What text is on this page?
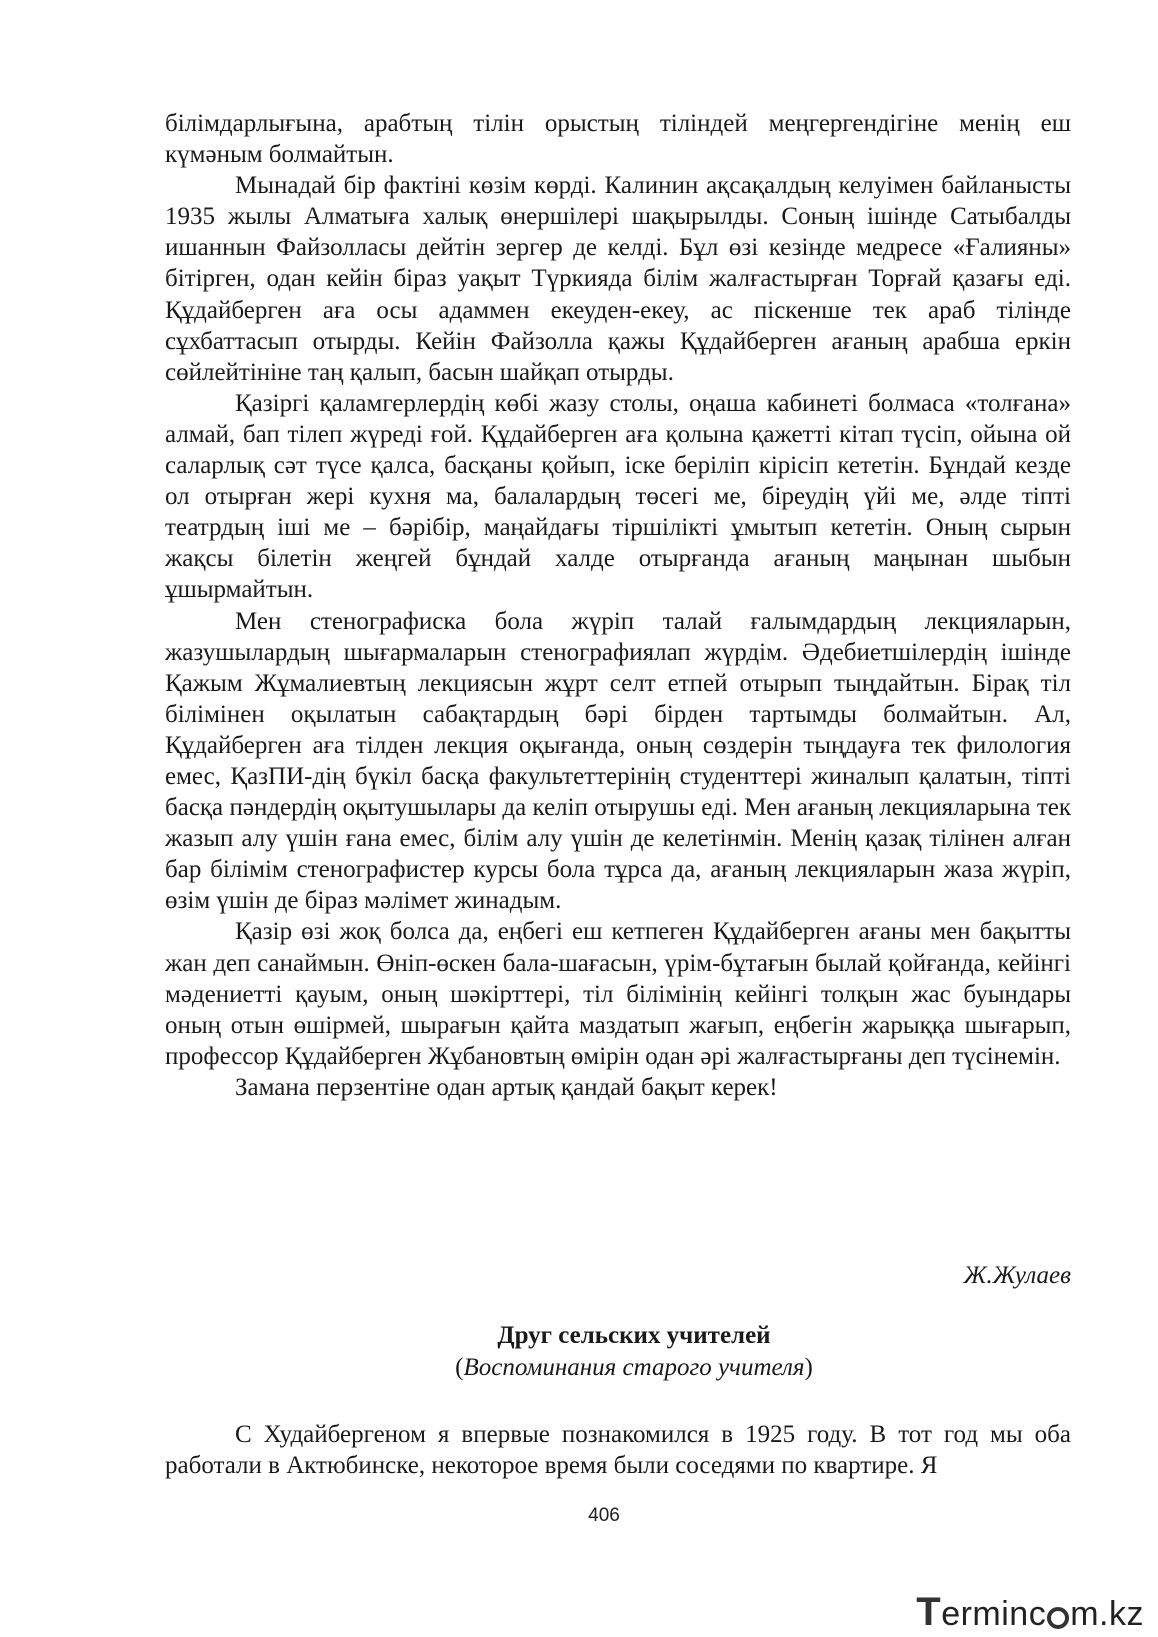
білімдарлығына, арабтың тілін орыстың тіліндей меңгергендігіне менің еш күмәным болмайтын.

Мынадай бір фактіні көзім көрді. Калинин ақсақалдың келуімен байланысты 1935 жылы Алматыға халық өнершілері шақырылды. Соның ішінде Сатыбалды ишаннын Файзолласы дейтін зергер де келді. Бұл өзі кезінде медресе «Ғалияны» бітірген, одан кейін біраз уақыт Түркияда білім жалғастырған Торғай қазағы еді. Құдайберген аға осы адаммен екеуден-екеу, ас піскенше тек араб тілінде сұхбаттасып отырды. Кейін Файзолла қажы Құдайберген ағаның арабша еркін сөйлейтініне таң қалып, басын шайқап отырды.

Қазіргі қаламгерлердің көбі жазу столы, оңаша кабинеті болмаса «толғана» алмай, бап тілеп жүреді ғой. Құдайберген аға қолына қажетті кітап түсіп, ойына ой саларлық сәт түсе қалса, басқаны қойып, іске беріліп кірісіп кететін. Бұндай кезде ол отырған жері кухня ма, балалардың төсегі ме, біреудің үйі ме, әлде тіпті театрдың іші ме – бәрібір, маңайдағы тіршілікті ұмытып кететін. Оның сырын жақсы білетін жеңгей бұндай халде отырғанда ағаның маңынан шыбын ұшырмайтын.

Мен стенографиска бола жүріп талай ғалымдардың лекцияларын, жазушылардың шығармаларын стенографиялап жүрдім. Әдебиетшілердің ішінде Қажым Жұмалиевтың лекциясын жұрт селт етпей отырып тыңдайтын. Бірақ тіл білімінен оқылатын сабақтардың бәрі бірден тартымды болмайтын. Ал, Құдайберген аға тілден лекция оқығанда, оның сөздерін тыңдауға тек филология емес, ҚазПИ-дің бүкіл басқа факультеттерінің студенттері жиналып қалатын, тіпті басқа пәндердің оқытушылары да келіп отырушы еді. Мен ағаның лекцияларына тек жазып алу үшін ғана емес, білім алу үшін де келетінмін. Менің қазақ тілінен алған бар білімім стенографистер курсы бола тұрса да, ағаның лекцияларын жаза жүріп, өзім үшін де біраз мәлімет жинадым.

Қазір өзі жоқ болса да, еңбегі еш кетпеген Құдайберген ағаны мен бақытты жан деп санаймын. Өніп-өскен бала-шағасын, үрім-бұтағын былай қойғанда, кейінгі мәдениетті қауым, оның шәкірттері, тіл білімінің кейінгі толқын жас буындары оның отын өшірмей, шырағын қайта маздатып жағып, еңбегін жарыққа шығарып, профессор Құдайберген Жұбановтың өмірін одан әрі жалғастырғаны деп түсінемін.

Замана перзентіне одан артық қандай бақыт керек!

Ж.Жулаев
Друг сельских учителей
(Воспоминания старого учителя)

С Худайбергеном я впервые познакомился в 1925 году. В тот год мы оба работали в Актюбинске, некоторое время были соседями по квартире. Я

406
Terminc m.kz
